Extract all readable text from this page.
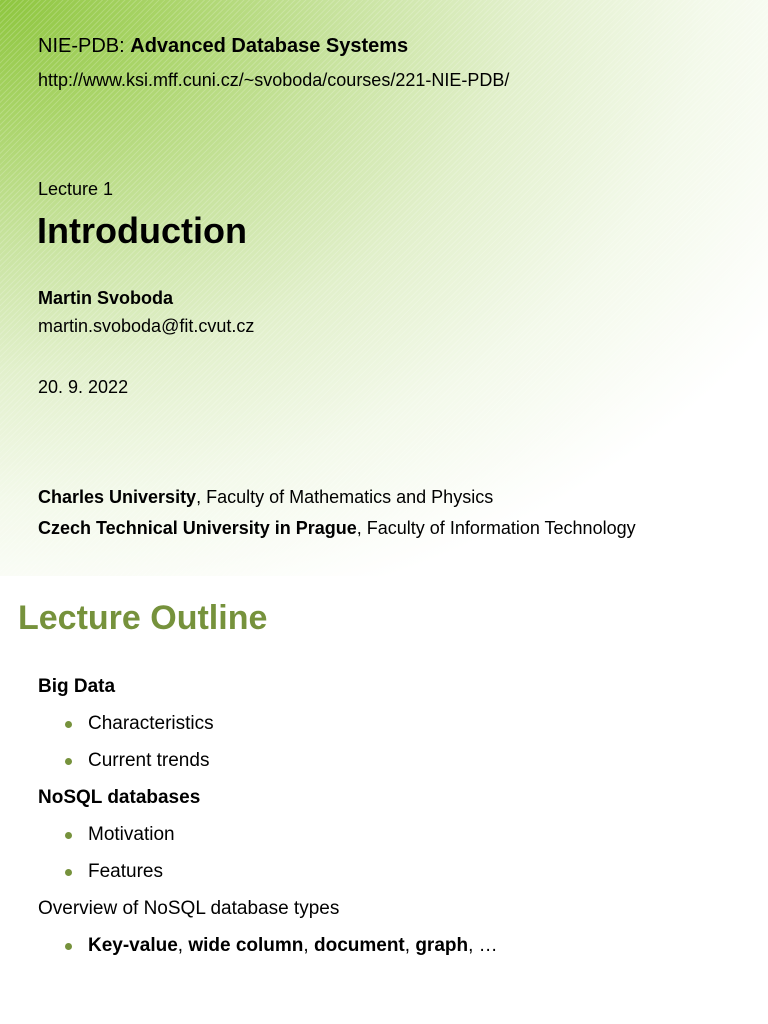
NIE-PDB: Advanced Database Systems
http://www.ksi.mff.cuni.cz/~svoboda/courses/221-NIE-PDB/
Lecture 1
Introduction
Martin Svoboda
martin.svoboda@fit.cvut.cz
20. 9. 2022
Charles University, Faculty of Mathematics and Physics
Czech Technical University in Prague, Faculty of Information Technology
Lecture Outline
Big Data
Characteristics
Current trends
NoSQL databases
Motivation
Features
Overview of NoSQL database types
Key-value, wide column, document, graph, …
